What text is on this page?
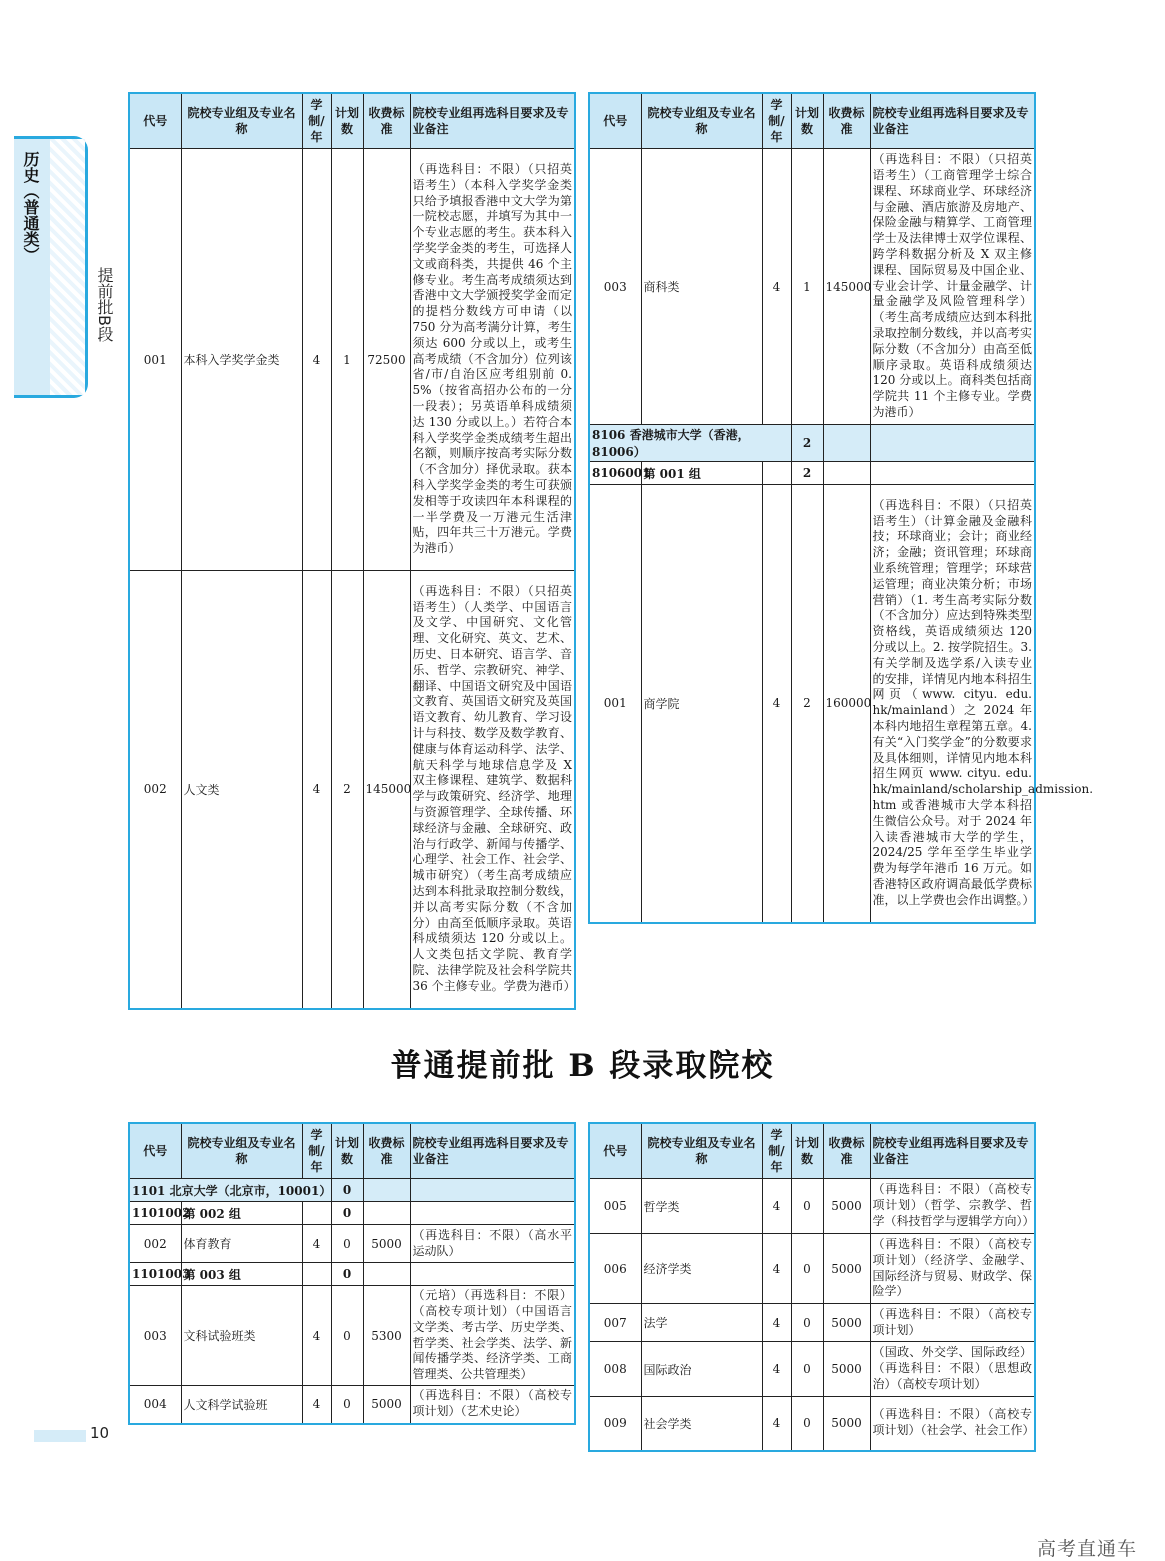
历史（普通类）
提前批B段
代号	院校专业组及专业名称	学制/年	计划数	收费标准	院校专业组再选科目要求及专业备注
001	本科入学奖学金类	4	1	72500	（再选科目：不限）（只招英语考生）（本科入学奖学金类只给予填报香港中文大学为第一院校志愿，并填写为其中一个专业志愿的考生。获本科入学奖学金类的考生，可选择人文或商科类，共提供 46 个主修专业。考生高考成绩须达到香港中文大学颁授奖学金而定的提档分数线方可申请（以 750 分为高考满分计算，考生须达 600 分或以上，或考生高考成绩（不含加分）位列该省/市/自治区应考组别前 0. 5%（按省高招办公布的一分一段表）；另英语单科成绩须达 130 分或以上。）若符合本科入学奖学金类成绩考生超出名额，则顺序按高考实际分数（不含加分）择优录取。获本科入学奖学金类的考生可获颁发相等于攻读四年本科课程的一半学费及一万港元生活津贴，四年共三十万港元。学费为港币）
002	人文类	4	2	145000	（再选科目：不限）（只招英语考生）（人类学、中国语言及文学、中国研究、文化管理、文化研究、英文、艺术、历史、日本研究、语言学、音乐、哲学、宗教研究、神学、翻译、中国语文研究及中国语文教育、英国语文研究及英国语文教育、幼儿教育、学习设计与科技、数学及数学教育、健康与体育运动科学、法学、航天科学与地球信息学及 X 双主修课程、建筑学、数据科学与政策研究、经济学、地理与资源管理学、全球传播、环球经济与金融、全球研究、政治与行政学、新闻与传播学、心理学、社会工作、社会学、城市研究）（考生高考成绩应达到本科批录取控制分数线，并以高考实际分数（不含加分）由高至低顺序录取。英语科成绩须达 120 分或以上。人文类包括文学院、教育学院、法律学院及社会科学院共 36 个主修专业。学费为港币）
代号	院校专业组及专业名称	学制/年	计划数	收费标准	院校专业组再选科目要求及专业备注
003	商科类	4	1	145000	（再选科目：不限）（只招英语考生）（工商管理学士综合课程、环球商业学、环球经济与金融、酒店旅游及房地产、保险金融与精算学、工商管理学士及法律博士双学位课程、跨学科数据分析及 X 双主修课程、国际贸易及中国企业、专业会计学、计量金融学、计量金融学及风险管理科学）（考生高考成绩应达到本科批录取控制分数线，并以高考实际分数（不含加分）由高至低顺序录取。英语科成绩须达 120 分或以上。商科类包括商学院共 11 个主修专业。学费为港币）
8106 香港城市大学（香港，81006）			2		
8106001	第 001 组		2		
001	商学院	4	2	160000	（再选科目：不限）（只招英语考生）（计算金融及金融科技；环球商业；会计；商业经济；金融；资讯管理；环球商业系统管理；管理学；环球营运管理；商业决策分析；市场营销）（1. 考生高考实际分数（不含加分）应达到特殊类型资格线，英语成绩须达 120 分或以上。2. 按学院招生。3. 有关学制及选学系/入读专业的安排，详情见内地本科招生网页（www. cityu. edu. hk/mainland）之 2024 年本科内地招生章程第五章。4. 有关“入门奖学金”的分数要求及具体细则，详情见内地本科招生网页 www. cityu. edu. hk/mainland/scholarship_admission. htm 或香港城市大学本科招生微信公众号。对于 2024 年入读香港城市大学的学生，2024/25 学年至学生毕业学费为每学年港币 16 万元。如香港特区政府调高最低学费标准，以上学费也会作出调整。）
普通提前批 B 段录取院校
代号	院校专业组及专业名称	学制/年	计划数	收费标准	院校专业组再选科目要求及专业备注
1101 北京大学（北京市，10001）			0		
1101002	第 002 组		0		
002	体育教育	4	0	5000	（再选科目：不限）（高水平运动队）
1101003	第 003 组		0		
003	文科试验班类	4	0	5300	（元培）（再选科目：不限）（高校专项计划）（中国语言文学类、考古学、历史学类、哲学类、社会学类、法学、新闻传播学类、经济学类、工商管理类、公共管理类）
004	人文科学试验班	4	0	5000	（再选科目：不限）（高校专项计划）（艺术史论）
代号	院校专业组及专业名称	学制/年	计划数	收费标准	院校专业组再选科目要求及专业备注
005	哲学类	4	0	5000	（再选科目：不限）（高校专项计划）（哲学、宗教学、哲学（科技哲学与逻辑学方向））
006	经济学类	4	0	5000	（再选科目：不限）（高校专项计划）（经济学、金融学、国际经济与贸易、财政学、保险学）
007	法学	4	0	5000	（再选科目：不限）（高校专项计划）
008	国际政治	4	0	5000	（国政、外交学、国际政经）（再选科目：不限）（思想政治）（高校专项计划）
009	社会学类	4	0	5000	（再选科目：不限）（高校专项计划）（社会学、社会工作）
10
高考直通车
